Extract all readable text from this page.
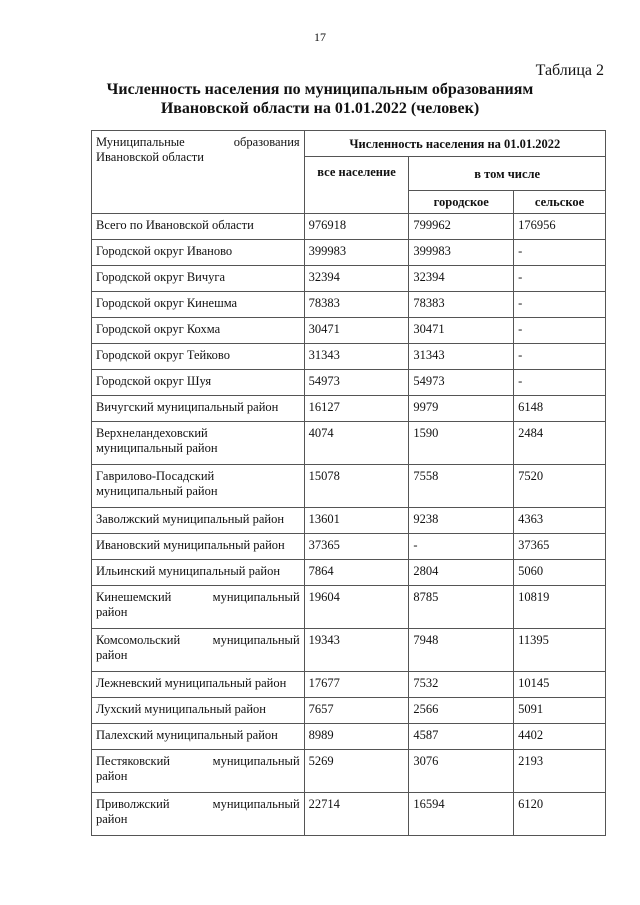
17
Таблица 2
Численность населения по муниципальным образованиям
Ивановской области на 01.01.2022 (человек)
Муниципальные образования
Ивановской области	Численность населения на 01.01.2022		
	все население	в том числе	
		городское	сельское
Всего по Ивановской области	976918	799962	176956
Городской округ Иваново	399983	399983	-
Городской округ Вичуга	32394	32394	-
Городской округ Кинешма	78383	78383	-
Городской округ Кохма	30471	30471	-
Городской округ Тейково	31343	31343	-
Городской округ Шуя	54973	54973	-
Вичугский муниципальный район	16127	9979	6148

Верхнеландеховский
муниципальный район	4074	1590	2484

Гаврилово-Посадский
муниципальный район	15078	7558	7520
Заволжский муниципальный район	13601	9238	4363
Ивановский муниципальный район	37365	-	37365
Ильинский муниципальный район	7864	2804	5060

Кинешемский муниципальный
район	19604	8785	10819

Комсомольский муниципальный
район	19343	7948	11395
Лежневский муниципальный район	17677	7532	10145
Лухский муниципальный район	7657	2566	5091
Палехский муниципальный район	8989	4587	4402

Пестяковский муниципальный
район	5269	3076	2193

Приволжский муниципальный
район	22714	16594	6120
